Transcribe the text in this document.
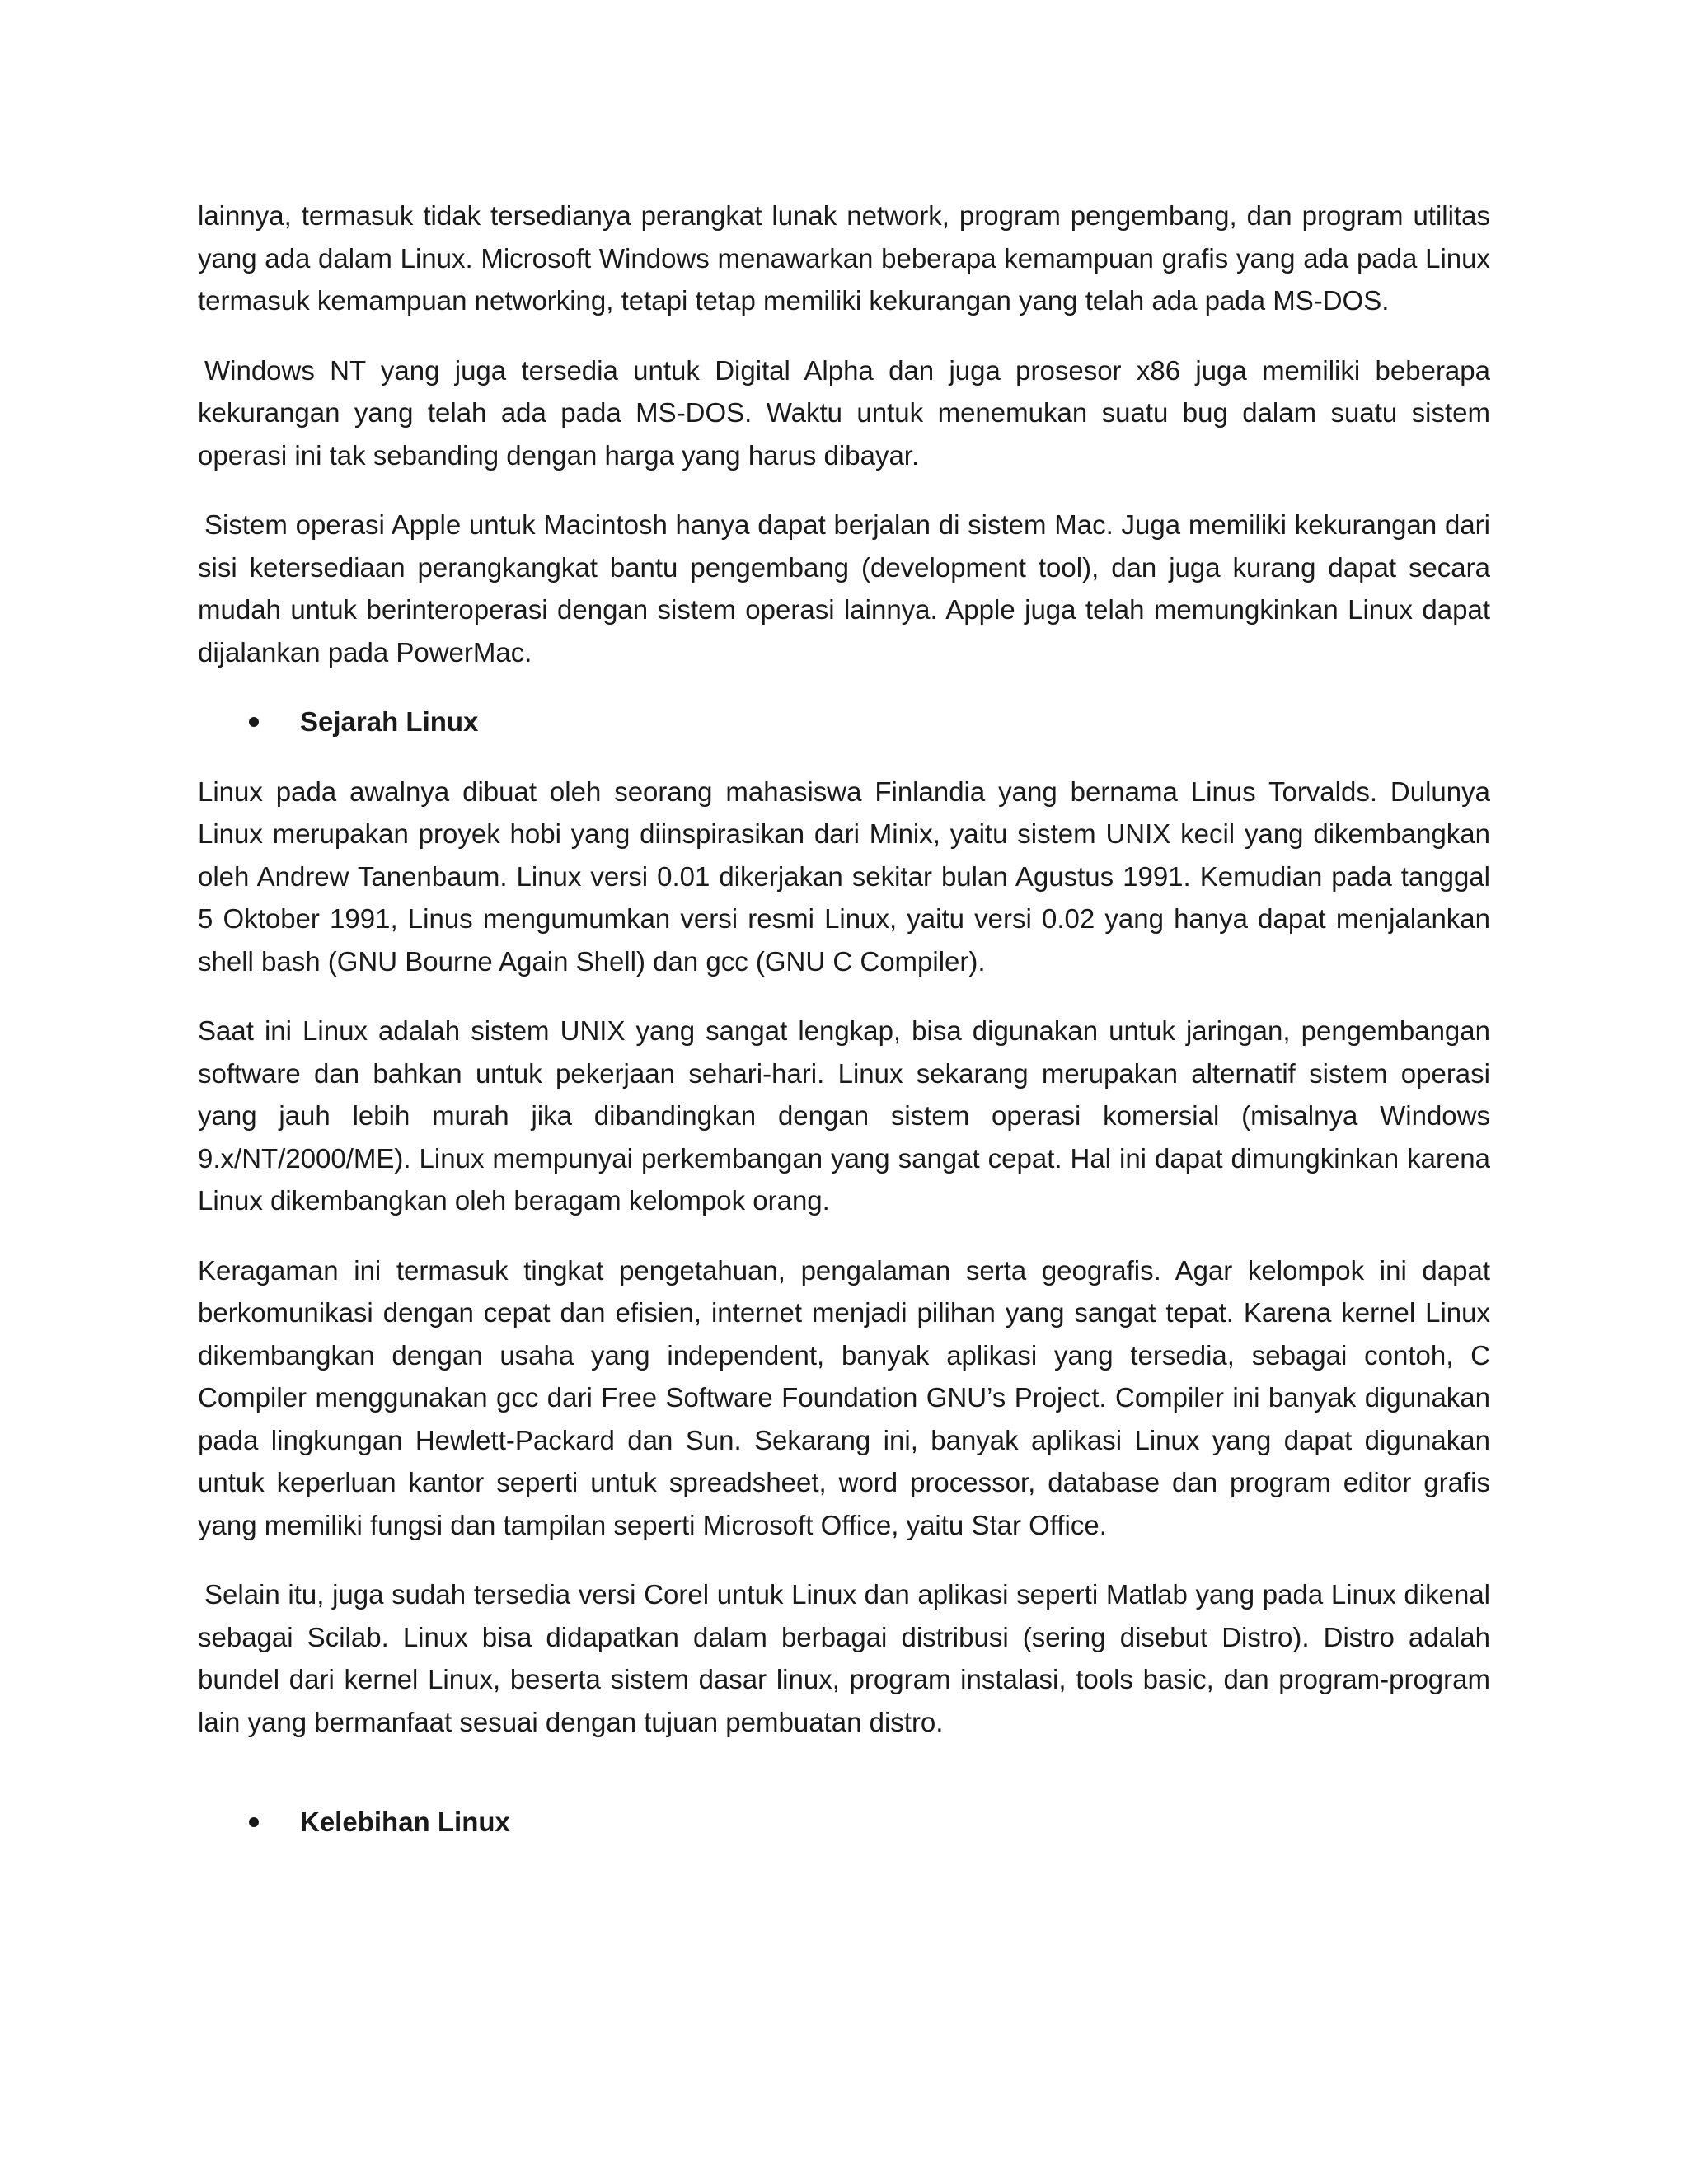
lainnya, termasuk tidak tersedianya perangkat lunak network, program pengembang, dan program utilitas yang ada dalam Linux. Microsoft Windows menawarkan beberapa kemampuan grafis yang ada pada Linux termasuk kemampuan networking, tetapi tetap memiliki kekurangan yang telah ada pada MS-DOS.

Windows NT yang juga tersedia untuk Digital Alpha dan juga prosesor x86 juga memiliki beberapa kekurangan yang telah ada pada MS-DOS. Waktu untuk menemukan suatu bug dalam suatu sistem operasi ini tak sebanding dengan harga yang harus dibayar.

Sistem operasi Apple untuk Macintosh hanya dapat berjalan di sistem Mac. Juga memiliki kekurangan dari sisi ketersediaan perangkangkat bantu pengembang (development tool), dan juga kurang dapat secara mudah untuk berinteroperasi dengan sistem operasi lainnya. Apple juga telah memungkinkan Linux dapat dijalankan pada PowerMac.

Sejarah Linux

Linux pada awalnya dibuat oleh seorang mahasiswa Finlandia yang bernama Linus Torvalds. Dulunya Linux merupakan proyek hobi yang diinspirasikan dari Minix, yaitu sistem UNIX kecil yang dikembangkan oleh Andrew Tanenbaum. Linux versi 0.01 dikerjakan sekitar bulan Agustus 1991. Kemudian pada tanggal 5 Oktober 1991, Linus mengumumkan versi resmi Linux, yaitu versi 0.02 yang hanya dapat menjalankan shell bash (GNU Bourne Again Shell) dan gcc (GNU C Compiler).

Saat ini Linux adalah sistem UNIX yang sangat lengkap, bisa digunakan untuk jaringan, pengembangan software dan bahkan untuk pekerjaan sehari-hari. Linux sekarang merupakan alternatif sistem operasi yang jauh lebih murah jika dibandingkan dengan sistem operasi komersial (misalnya Windows 9.x/NT/2000/ME). Linux mempunyai perkembangan yang sangat cepat. Hal ini dapat dimungkinkan karena Linux dikembangkan oleh beragam kelompok orang.

Keragaman ini termasuk tingkat pengetahuan, pengalaman serta geografis. Agar kelompok ini dapat berkomunikasi dengan cepat dan efisien, internet menjadi pilihan yang sangat tepat. Karena kernel Linux dikembangkan dengan usaha yang independent, banyak aplikasi yang tersedia, sebagai contoh, C Compiler menggunakan gcc dari Free Software Foundation GNU’s Project. Compiler ini banyak digunakan pada lingkungan Hewlett-Packard dan Sun. Sekarang ini, banyak aplikasi Linux yang dapat digunakan untuk keperluan kantor seperti untuk spreadsheet, word processor, database dan program editor grafis yang memiliki fungsi dan tampilan seperti Microsoft Office, yaitu Star Office.

Selain itu, juga sudah tersedia versi Corel untuk Linux dan aplikasi seperti Matlab yang pada Linux dikenal sebagai Scilab. Linux bisa didapatkan dalam berbagai distribusi (sering disebut Distro). Distro adalah bundel dari kernel Linux, beserta sistem dasar linux, program instalasi, tools basic, dan program-program lain yang bermanfaat sesuai dengan tujuan pembuatan distro.

Kelebihan Linux
